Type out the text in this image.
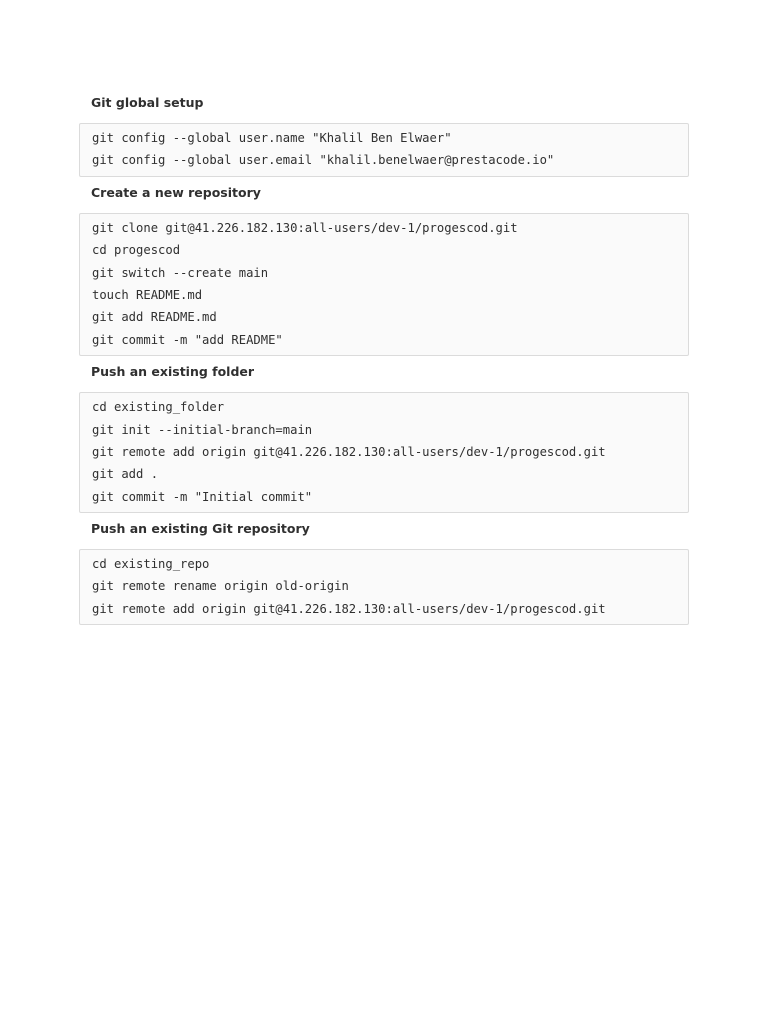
Git global setup
git config --global user.name "Khalil Ben Elwaer"
git config --global user.email "khalil.benelwaer@prestacode.io"
Create a new repository
git clone git@41.226.182.130:all-users/dev-1/progescod.git
cd progescod
git switch --create main
touch README.md
git add README.md
git commit -m "add README"
Push an existing folder
cd existing_folder
git init --initial-branch=main
git remote add origin git@41.226.182.130:all-users/dev-1/progescod.git
git add .
git commit -m "Initial commit"
Push an existing Git repository
cd existing_repo
git remote rename origin old-origin
git remote add origin git@41.226.182.130:all-users/dev-1/progescod.git
